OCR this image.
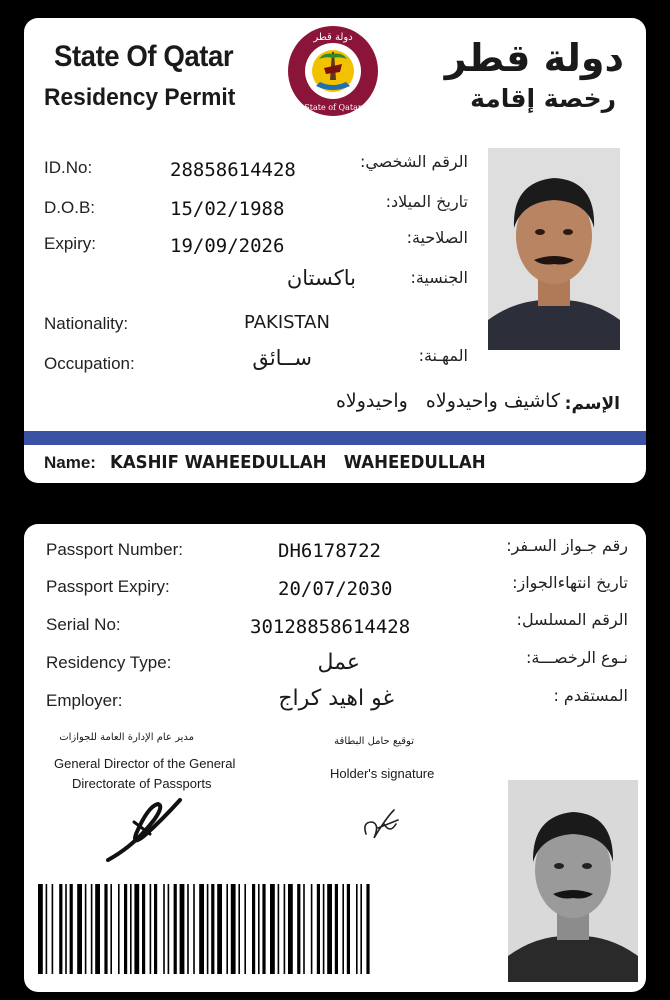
State Of Qatar
Residency Permit
دولة قطر
رخصة إقامة
دولة قطر
State of Qatar
ID.No:	28858614428	الرقم الشخصي:
D.O.B:	15/02/1988	تاريخ الميلاد:
Expiry:	19/09/2026	الصلاحية:
باكستان	الجنسية:
Nationality:	PAKISTAN
Occupation:	ســائق	المهـنة:
الإسم:
كاشيف واحيدولاه   واحيدولاه
Name: KASHIF WAHEEDULLAH   WAHEEDULLAH
Passport Number:	DH6178722	رقم جـواز السـفر:
Passport Expiry:	20/07/2030	تاريخ انتهاءالجواز:
Serial No:	30128858614428	الرقم المسلسل:
Residency Type:	عمل	نـوع الرخصـــة:
Employer:	غو اهيد كراج	المستقدم :
مدير عام الإدارة العامة للجوازات
General Director of the General
Directorate of Passports
توقيع حامل البطاقة
Holder's signature
